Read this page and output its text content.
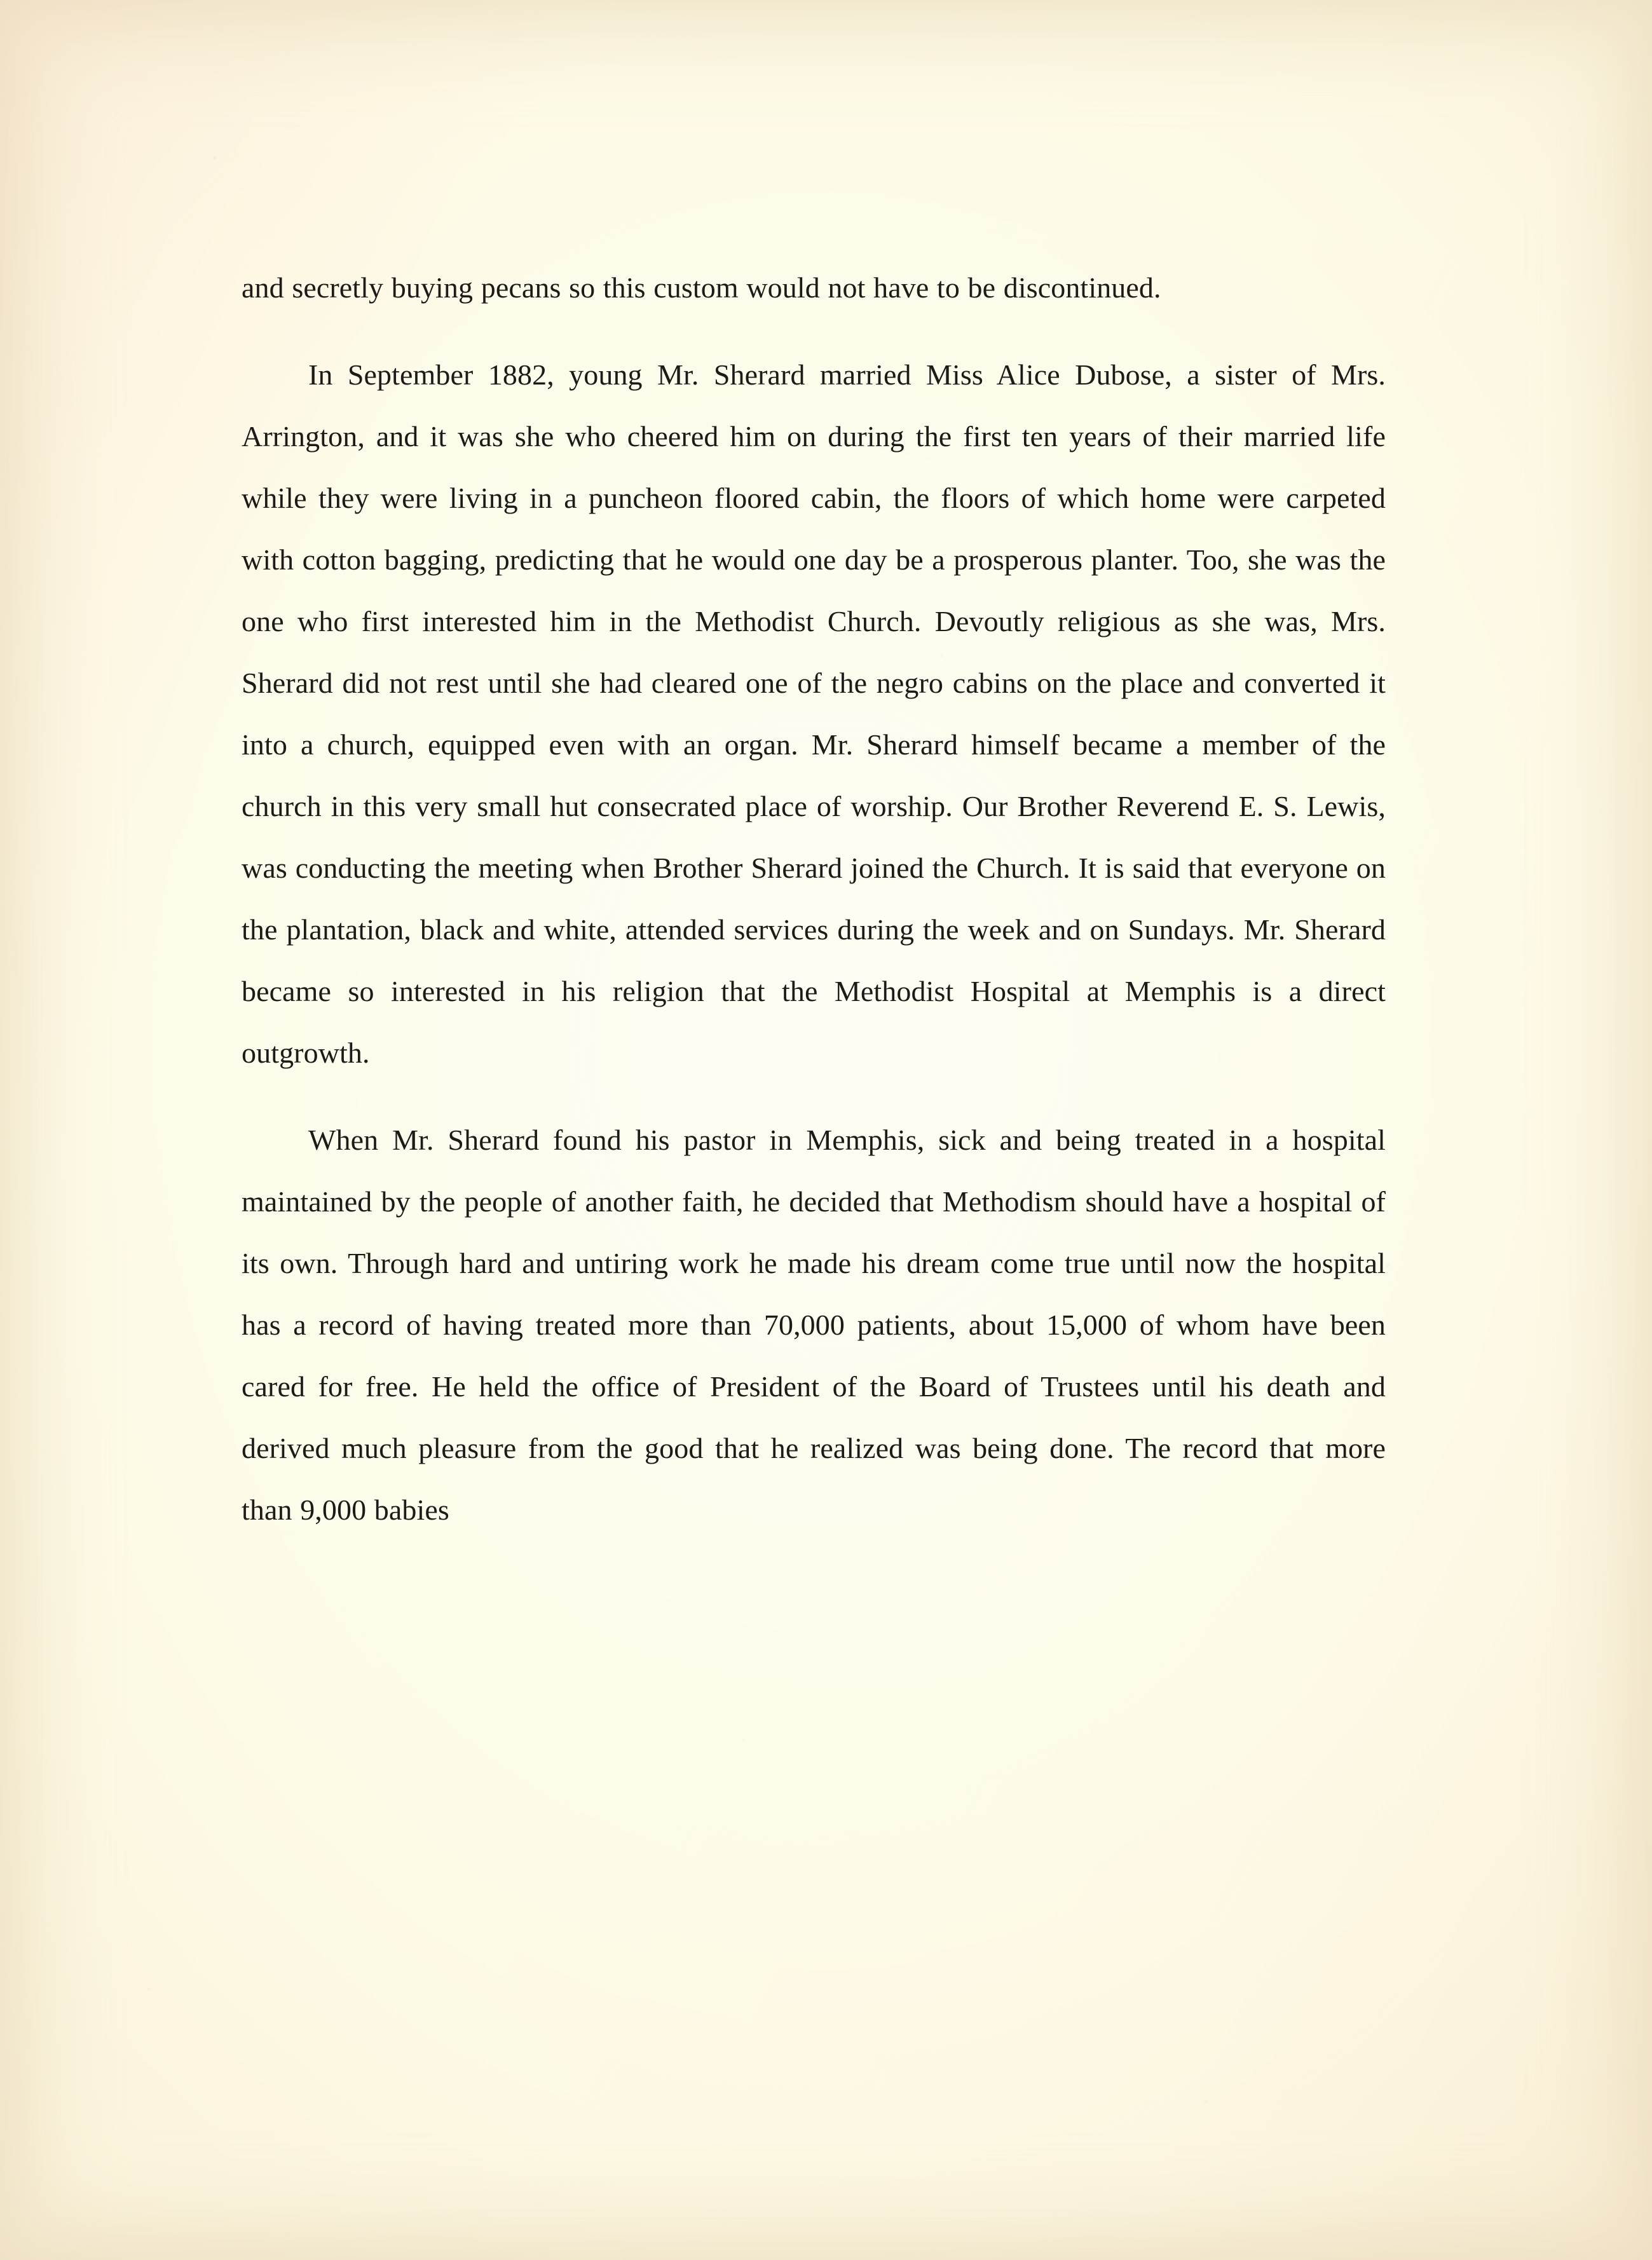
and secretly buying pecans so this custom would not have to be discontinued.

In September 1882, young Mr. Sherard married Miss Alice Dubose, a sister of Mrs. Arrington, and it was she who cheered him on during the first ten years of their married life while they were living in a puncheon floored cabin, the floors of which home were carpeted with cotton bagging, predicting that he would one day be a prosperous planter. Too, she was the one who first interested him in the Methodist Church. Devoutly religious as she was, Mrs. Sherard did not rest until she had cleared one of the negro cabins on the place and converted it into a church, equipped even with an organ. Mr. Sherard himself became a member of the church in this very small hut consecrated place of worship. Our Brother Reverend E. S. Lewis, was conducting the meeting when Brother Sherard joined the Church. It is said that everyone on the plantation, black and white, attended services during the week and on Sundays. Mr. Sherard became so interested in his religion that the Methodist Hospital at Memphis is a direct outgrowth.

When Mr. Sherard found his pastor in Memphis, sick and being treated in a hospital maintained by the people of another faith, he decided that Methodism should have a hospital of its own. Through hard and untiring work he made his dream come true until now the hospital has a record of having treated more than 70,000 patients, about 15,000 of whom have been cared for free. He held the office of President of the Board of Trustees until his death and derived much pleasure from the good that he realized was being done. The record that more than 9,000 babies
